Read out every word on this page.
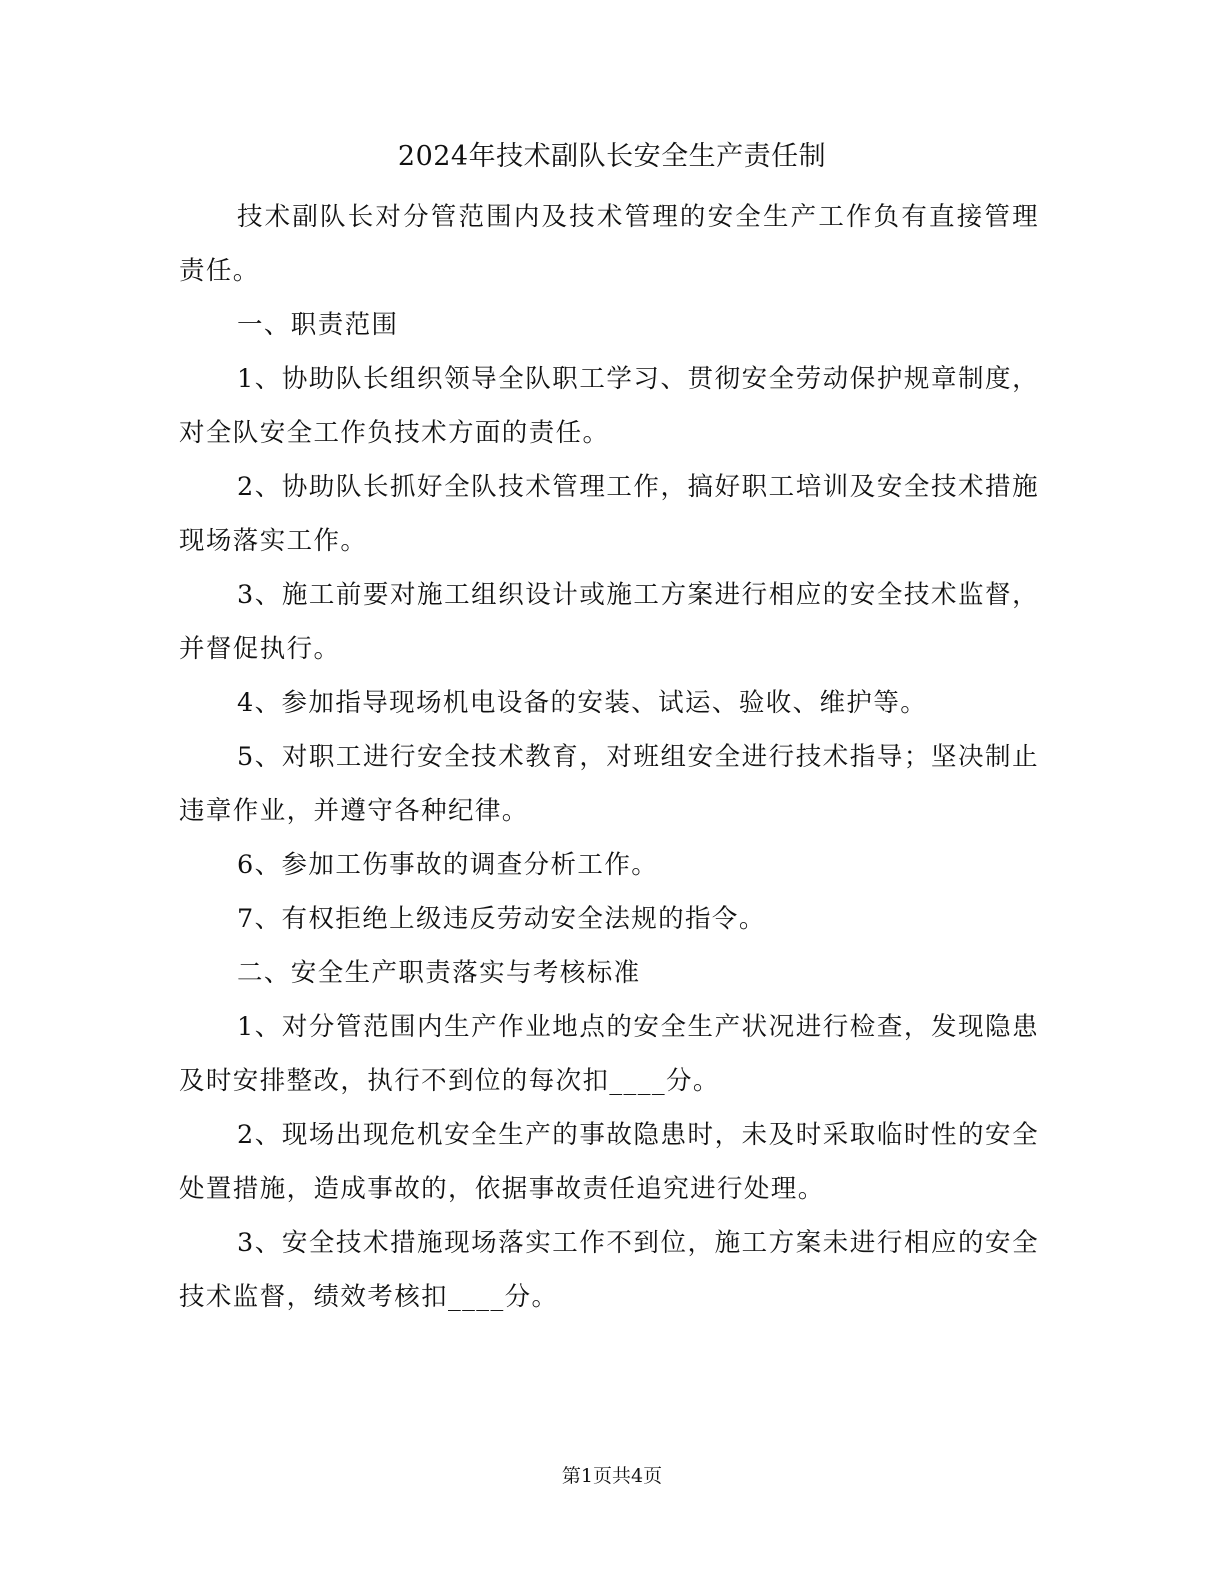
2024年技术副队长安全生产责任制

技术副队长对分管范围内及技术管理的安全生产工作负有直接管理责任。

一、职责范围

1、协助队长组织领导全队职工学习、贯彻安全劳动保护规章制度，对全队安全工作负技术方面的责任。

2、协助队长抓好全队技术管理工作，搞好职工培训及安全技术措施现场落实工作。

3、施工前要对施工组织设计或施工方案进行相应的安全技术监督，并督促执行。

4、参加指导现场机电设备的安装、试运、验收、维护等。

5、对职工进行安全技术教育，对班组安全进行技术指导；坚决制止违章作业，并遵守各种纪律。

6、参加工伤事故的调查分析工作。

7、有权拒绝上级违反劳动安全法规的指令。

二、安全生产职责落实与考核标准

1、对分管范围内生产作业地点的安全生产状况进行检查，发现隐患及时安排整改，执行不到位的每次扣____分。

2、现场出现危机安全生产的事故隐患时，未及时采取临时性的安全处置措施，造成事故的，依据事故责任追究进行处理。

3、安全技术措施现场落实工作不到位，施工方案未进行相应的安全技术监督，绩效考核扣____分。

第1页共4页
